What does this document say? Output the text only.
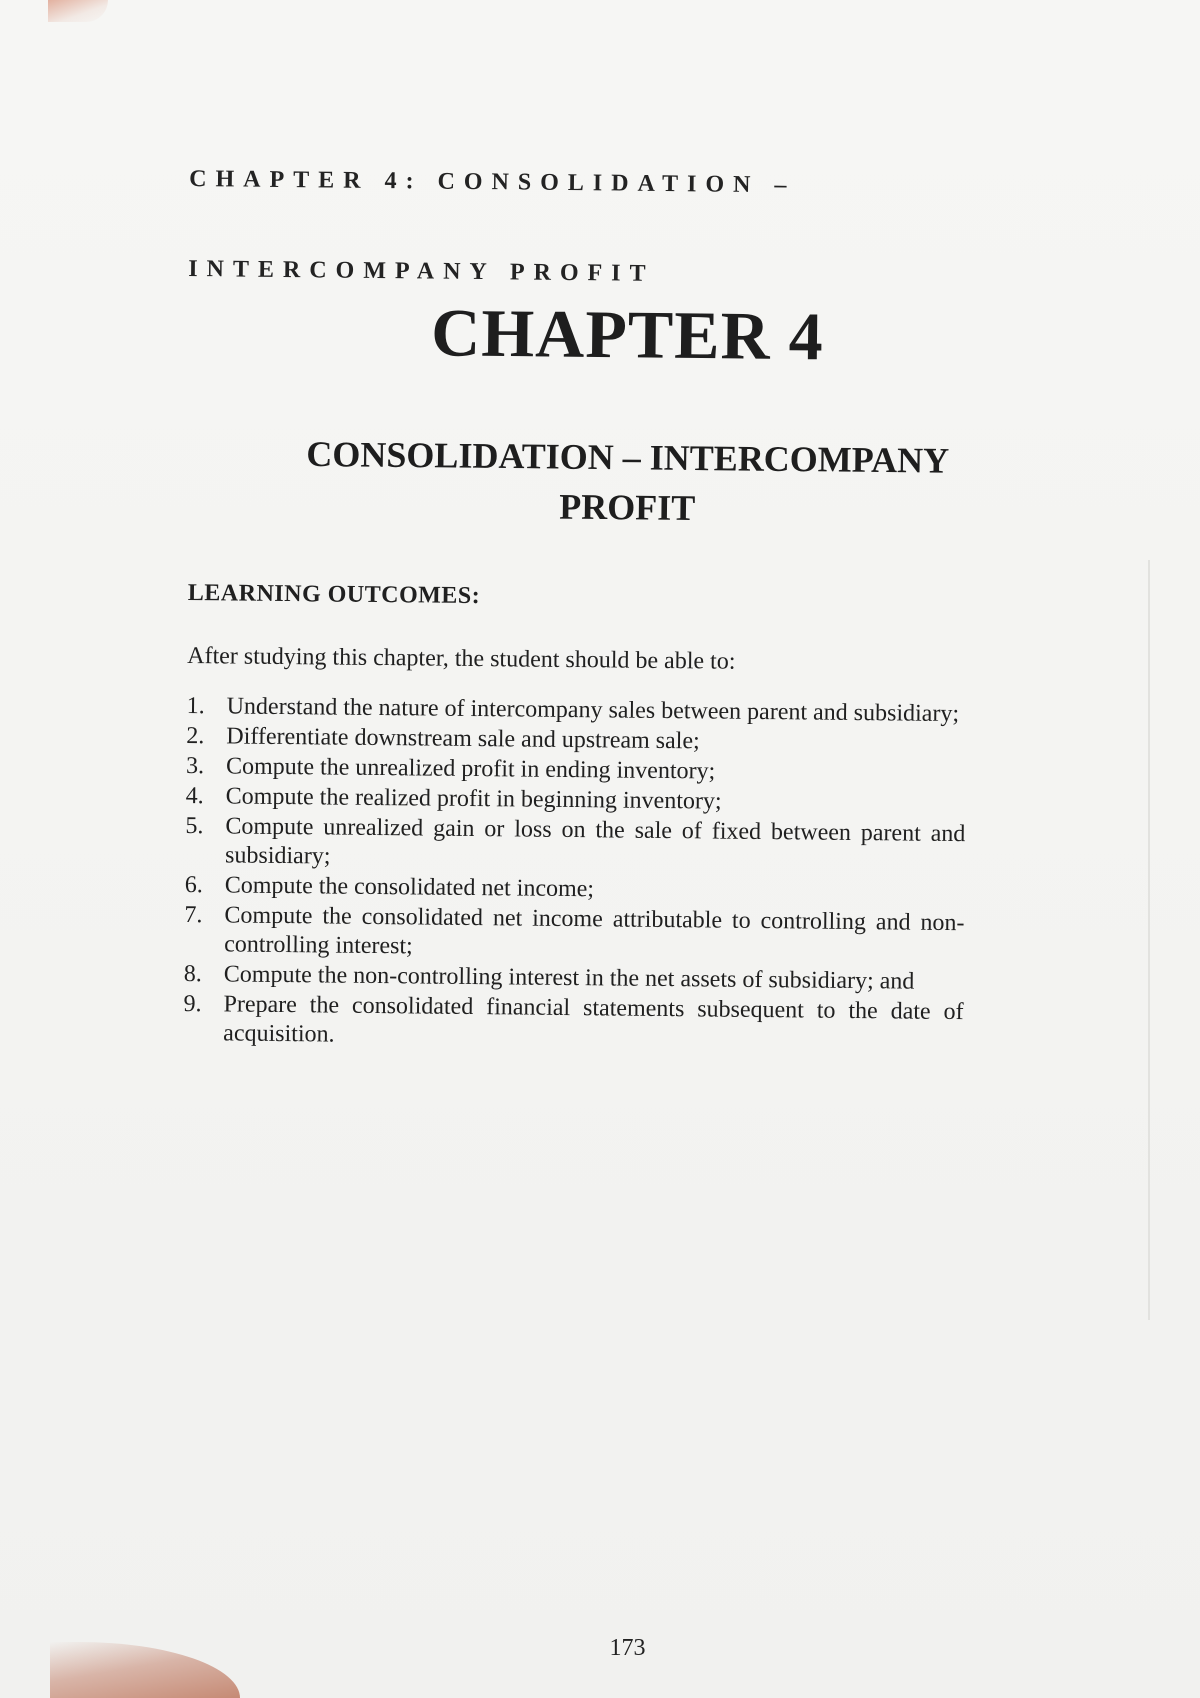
CHAPTER 4: CONSOLIDATION –

INTERCOMPANY PROFIT

CHAPTER 4
CONSOLIDATION – INTERCOMPANY
PROFIT
LEARNING OUTCOMES:
After studying this chapter, the student should be able to:
1. Understand the nature of intercompany sales between parent and subsidiary;
2. Differentiate downstream sale and upstream sale;
3. Compute the unrealized profit in ending inventory;
4. Compute the realized profit in beginning inventory;
5. Compute unrealized gain or loss on the sale of fixed between parent and subsidiary;
6. Compute the consolidated net income;
7. Compute the consolidated net income attributable to controlling and non-controlling interest;
8. Compute the non-controlling interest in the net assets of subsidiary; and
9. Prepare the consolidated financial statements subsequent to the date of acquisition.
173
